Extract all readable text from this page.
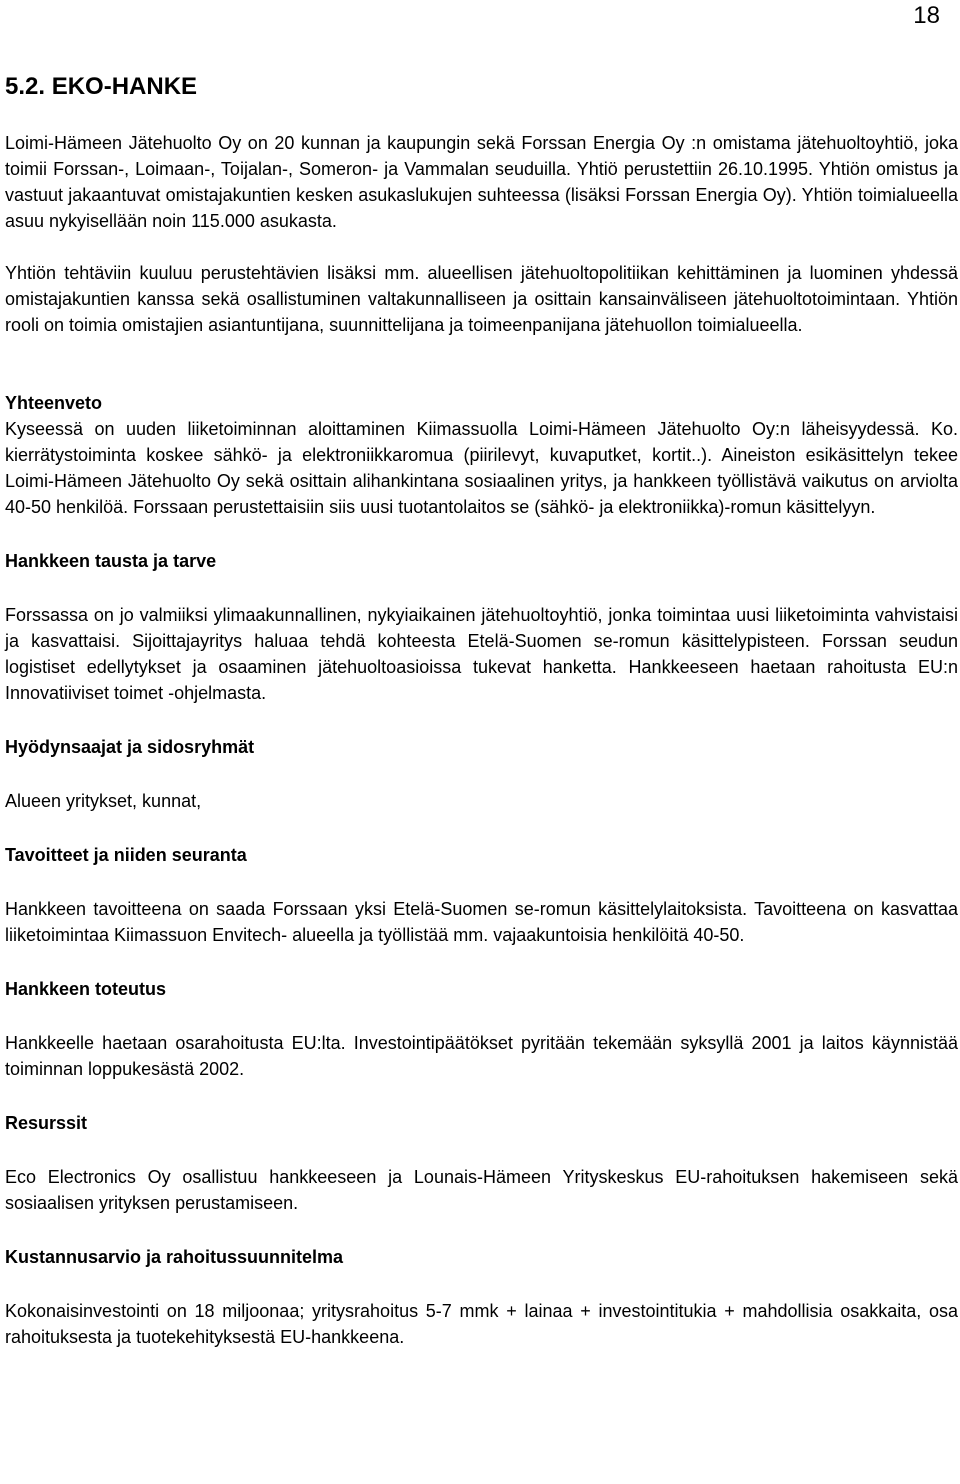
18
5.2. EKO-HANKE

Loimi-Hämeen Jätehuolto Oy on 20 kunnan ja kaupungin sekä Forssan Energia Oy :n omistama jätehuoltoyhtiö, joka toimii Forssan-, Loimaan-, Toijalan-, Someron- ja Vammalan seuduilla. Yhtiö perustettiin 26.10.1995. Yhtiön omistus ja vastuut jakaantuvat omistajakuntien kesken asukaslukujen suhteessa (lisäksi Forssan Energia Oy). Yhtiön toimialueella asuu nykyisellään noin 115.000 asukasta.

Yhtiön tehtäviin kuuluu perustehtävien lisäksi mm. alueellisen jätehuoltopolitiikan kehittäminen ja luominen yhdessä omistajakuntien kanssa sekä osallistuminen valtakunnalliseen ja osittain kansainväliseen jätehuoltotoimintaan. Yhtiön rooli on toimia omistajien asiantuntijana, suunnittelijana ja toimeenpanijana jätehuollon toimialueella.

Yhteenveto

Kyseessä on uuden liiketoiminnan aloittaminen Kiimassuolla Loimi-Hämeen Jätehuolto Oy:n läheisyydessä. Ko. kierrätystoiminta koskee sähkö- ja elektroniikkaromua (piirilevyt, kuvaputket, kortit..). Aineiston esikäsittelyn tekee Loimi-Hämeen Jätehuolto Oy sekä osittain alihankintana sosiaalinen yritys, ja hankkeen työllistävä vaikutus on arviolta 40-50 henkilöä. Forssaan perustettaisiin siis uusi tuotantolaitos se (sähkö- ja elektroniikka)-romun käsittelyyn.

Hankkeen tausta ja tarve

Forssassa on jo valmiiksi ylimaakunnallinen, nykyiaikainen jätehuoltoyhtiö, jonka toimintaa uusi liiketoiminta vahvistaisi ja kasvattaisi. Sijoittajayritys haluaa tehdä kohteesta Etelä-Suomen se-romun käsittelypisteen. Forssan seudun logistiset edellytykset ja osaaminen jätehuoltoasioissa tukevat hanketta. Hankkeeseen haetaan rahoitusta EU:n Innovatiiviset toimet -ohjelmasta.

Hyödynsaajat ja sidosryhmät

Alueen yritykset, kunnat,

Tavoitteet ja niiden seuranta

Hankkeen tavoitteena on saada Forssaan yksi Etelä-Suomen se-romun käsittelylaitoksista. Tavoitteena on kasvattaa liiketoimintaa Kiimassuon Envitech- alueella ja työllistää mm. vajaakuntoisia henkilöitä 40-50.

Hankkeen toteutus

Hankkeelle haetaan osarahoitusta EU:lta. Investointipäätökset pyritään tekemään syksyllä 2001 ja laitos käynnistää toiminnan loppukesästä 2002.

Resurssit

Eco Electronics Oy osallistuu hankkeeseen ja Lounais-Hämeen Yrityskeskus EU-rahoituksen hakemiseen sekä sosiaalisen yrityksen perustamiseen.

Kustannusarvio ja rahoitussuunnitelma

Kokonaisinvestointi on 18 miljoonaa; yritysrahoitus 5-7 mmk + lainaa + investointitukia + mahdollisia osakkaita, osa rahoituksesta ja tuotekehityksestä EU-hankkeena.
